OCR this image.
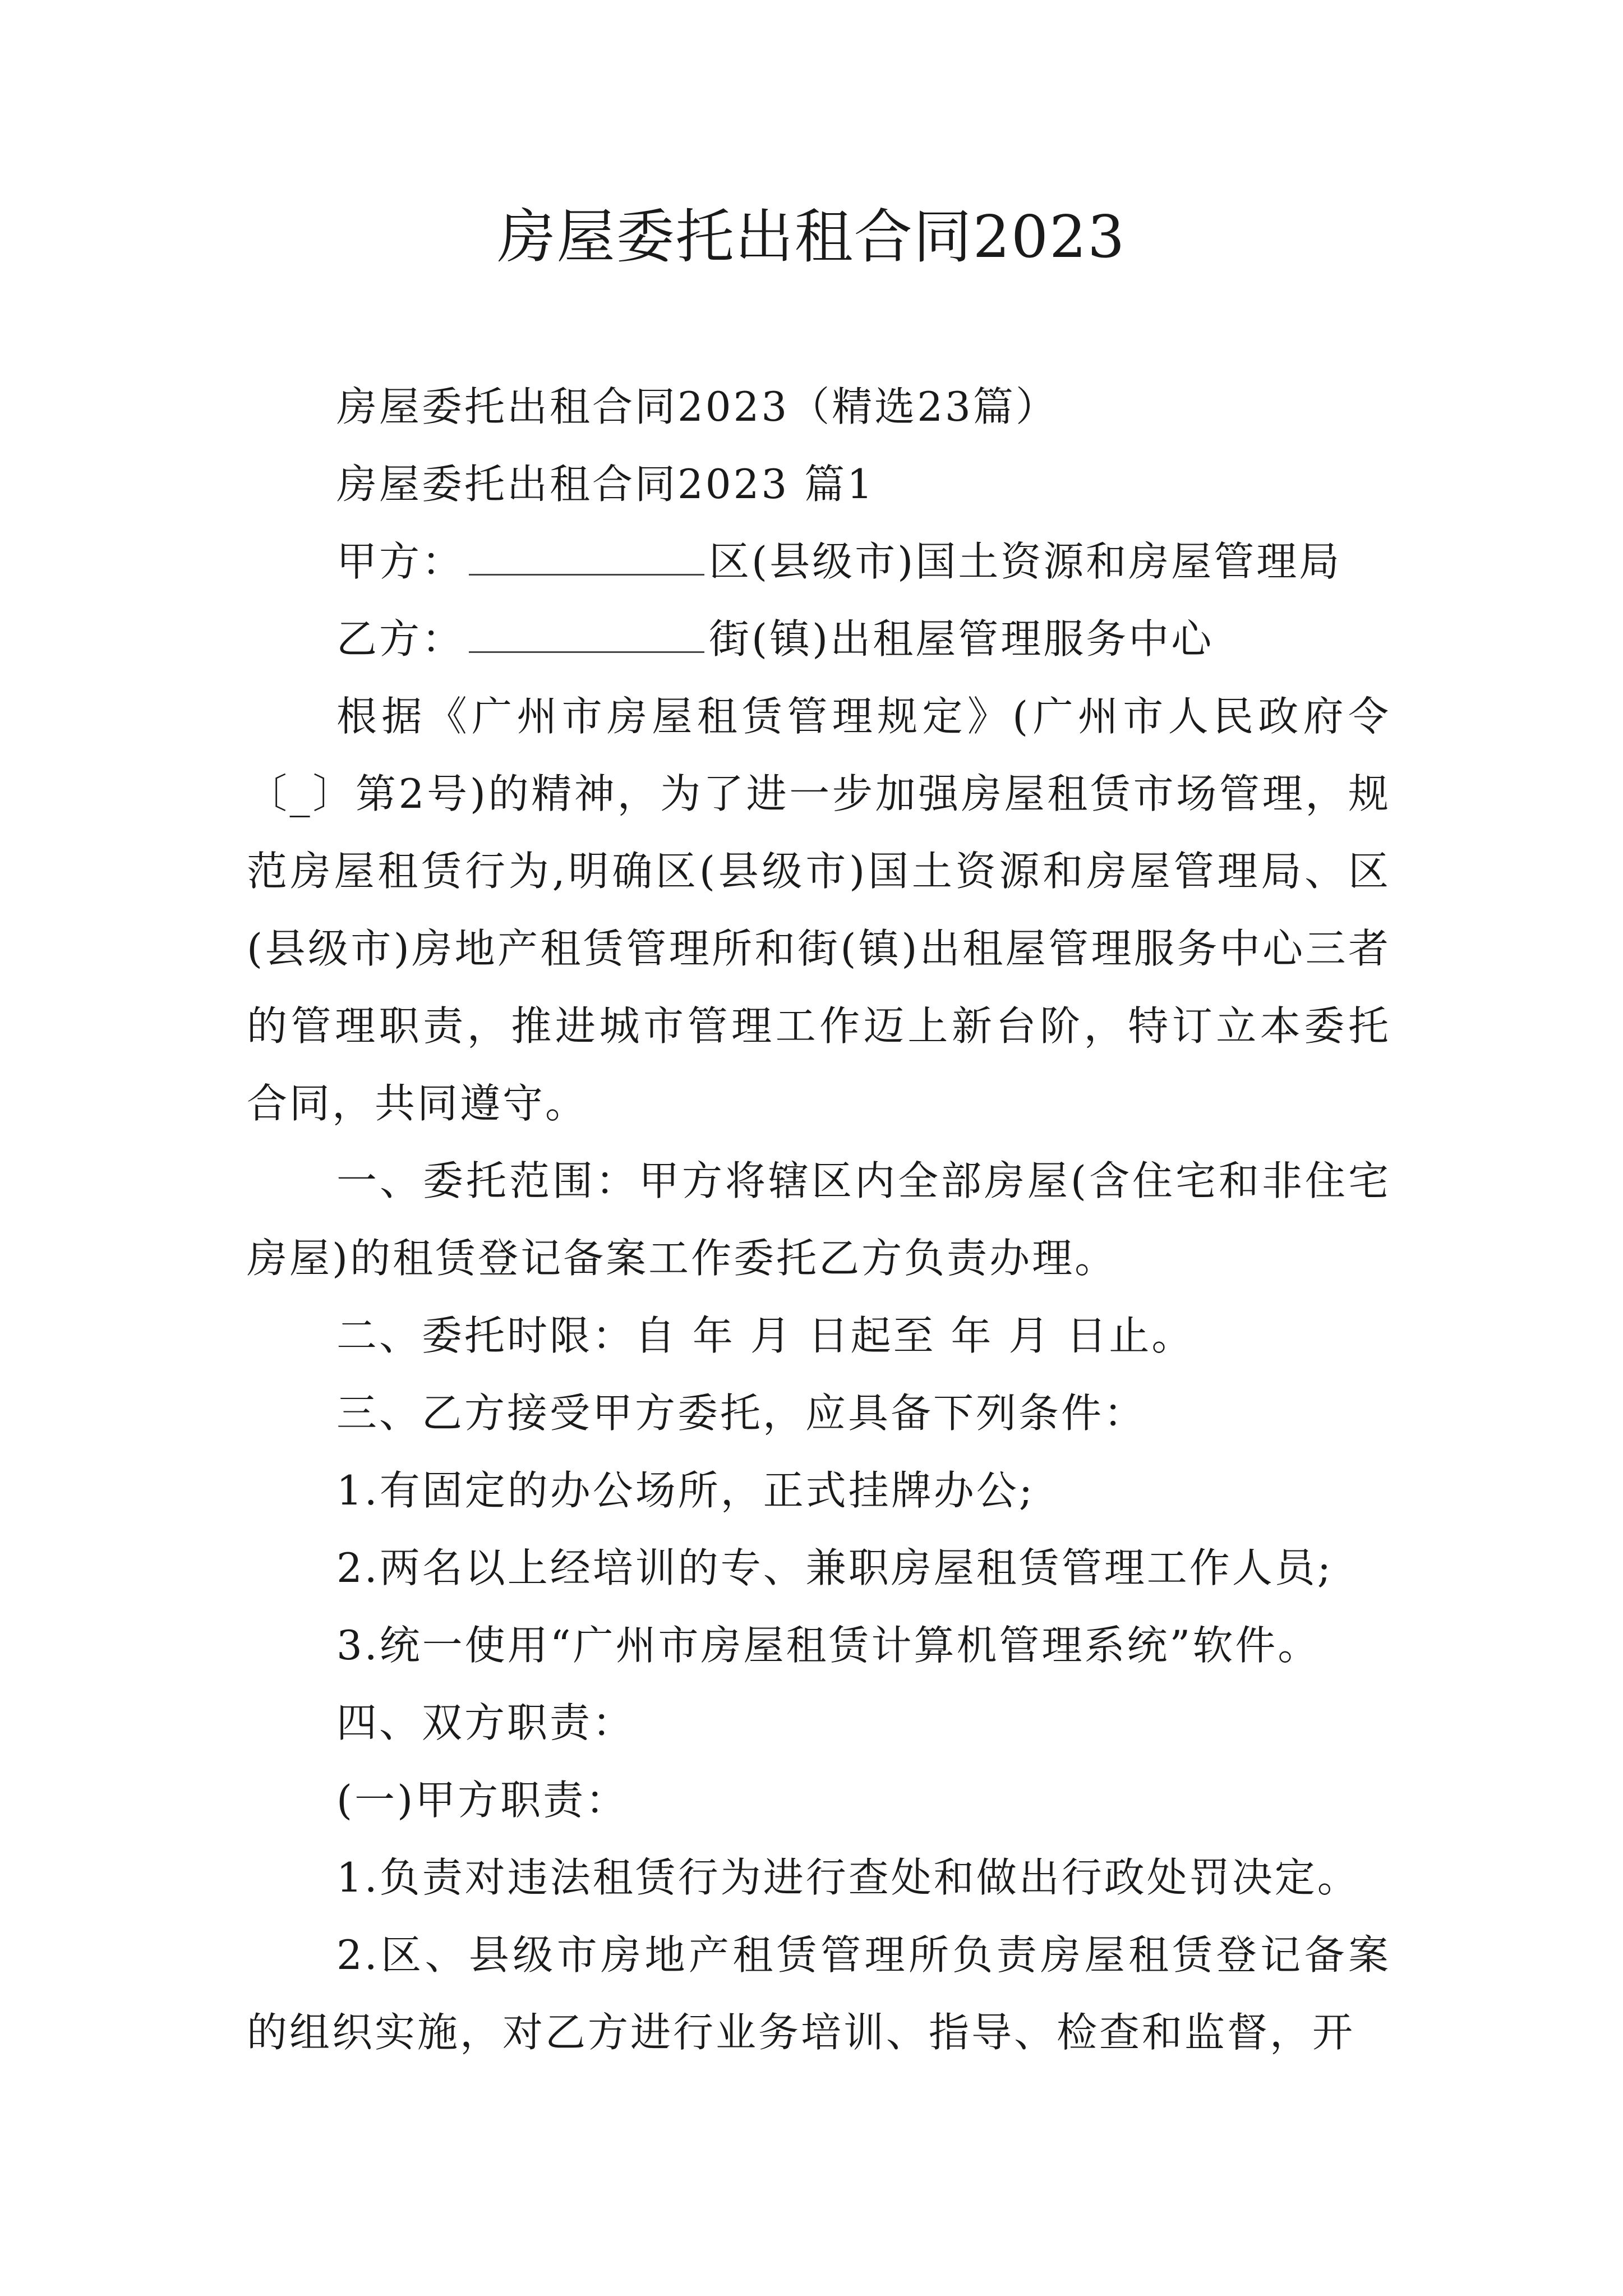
房屋委托出租合同2023

房屋委托出租合同2023（精选23篇）

房屋委托出租合同2023 篇1

甲方：	区(县级市)国土资源和房屋管理局

乙方：	街(镇)出租屋管理服务中心

根据《广州市房屋租赁管理规定》(广州市人民政府令〔_〕第2号)的精神，为了进一步加强房屋租赁市场管理，规范房屋租赁行为,明确区(县级市)国土资源和房屋管理局、区(县级市)房地产租赁管理所和街(镇)出租屋管理服务中心三者的管理职责，推进城市管理工作迈上新台阶，特订立本委托合同，共同遵守。

一、委托范围：甲方将辖区内全部房屋(含住宅和非住宅房屋)的租赁登记备案工作委托乙方负责办理。

二、委托时限：自 年 月 日起至 年 月 日止。

三、乙方接受甲方委托，应具备下列条件：

1.有固定的办公场所，正式挂牌办公;

2.两名以上经培训的专、兼职房屋租赁管理工作人员;

3.统一使用“广州市房屋租赁计算机管理系统”软件。

四、双方职责：

(一)甲方职责：

1.负责对违法租赁行为进行查处和做出行政处罚决定。

2.区、县级市房地产租赁管理所负责房屋租赁登记备案的组织实施，对乙方进行业务培训、指导、检查和监督，开
